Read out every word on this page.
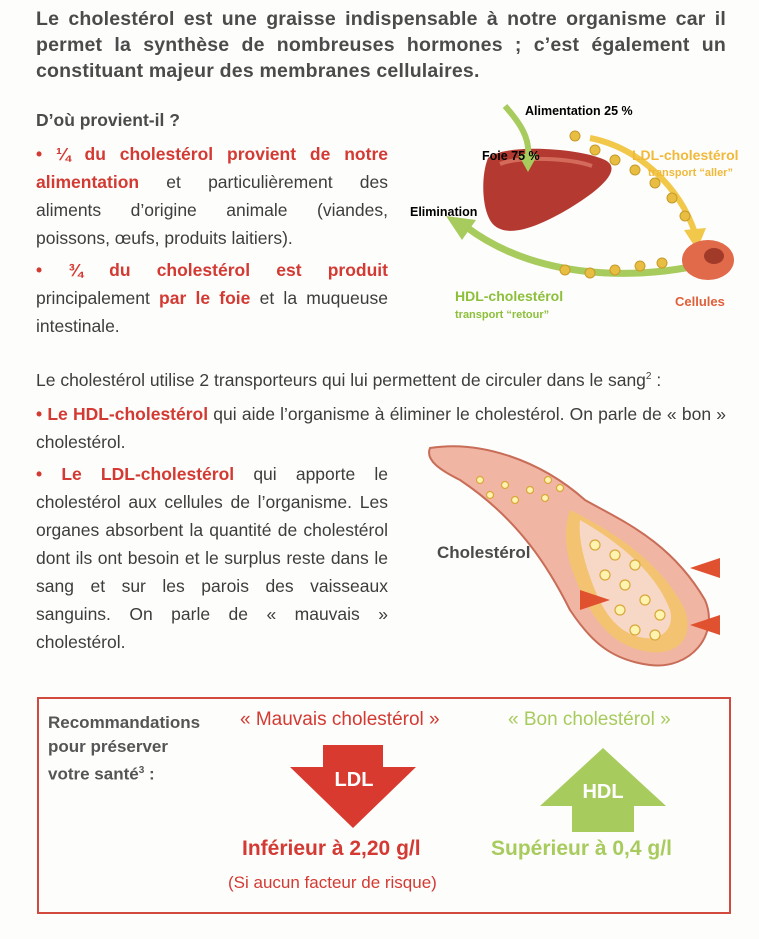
Le cholestérol est une graisse indispensable à notre organisme car il permet la synthèse de nombreuses hormones ; c’est également un constituant majeur des membranes cellulaires.
D’où provient-il ?
• ¼ du cholestérol provient de notre alimentation et particulièrement des aliments d’origine animale (viandes, poissons, œufs, produits laitiers).
• ¾ du cholestérol est produit principalement par le foie et la muqueuse intestinale.
Alimentation 25 %
Foie 75 %	LDL-cholestérol
transport “aller”
Elimination
HDL-cholestérol
transport “retour”
Cellules
Le cholestérol utilise 2 transporteurs qui lui permettent de circuler dans le sang$^2$ :
• Le HDL-cholestérol qui aide l’organisme à éliminer le cholestérol. On parle de « bon » cholestérol.
• Le LDL-cholestérol qui apporte le cholestérol aux cellules de l’organisme. Les organes absorbent la quantité de cholestérol dont ils ont besoin et le surplus reste dans le sang et sur les parois des vaisseaux sanguins. On parle de « mauvais » cholestérol.
Cholestérol
Recommandations
pour préserver
votre santé$^3$ :
« Mauvais cholestérol »	« Bon cholestérol »
LDL
HDL
Inférieur à 2,20 g/l	Supérieur à 0,4 g/l
(Si aucun facteur de risque)
